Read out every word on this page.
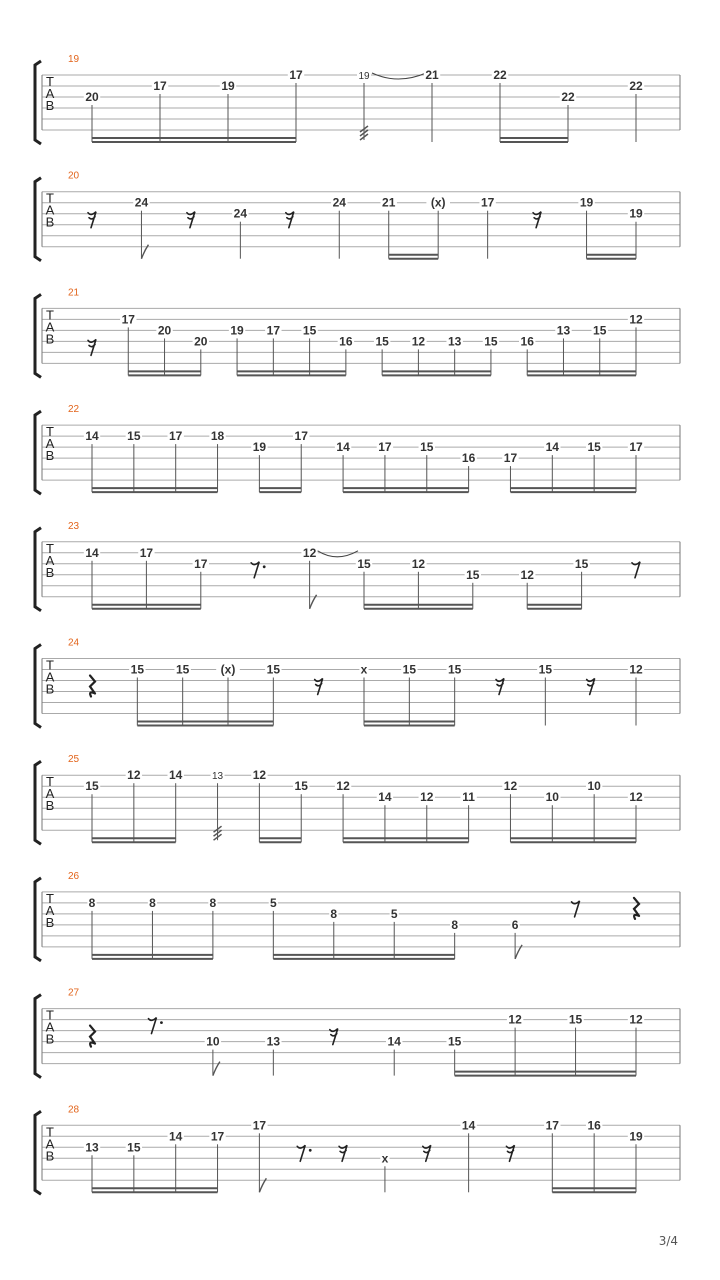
T
A
B
19
20
17	19
17	19	21	22
22
22
T
A
B
20
24
24
24	21	(x)	17	19
19
T
A
B
21
17
20
20
19 17 15
16 15 12 13 15 16
13 15
12
T
A
B
22
14 15 17 18
19
17
14 17 15
16 17
14 15 17
T
A
B
23
14	17
17
12
15	12
15	12
15
T
A
B
24
15	15	(x)	15	x	15	15	15	12
T
A
B
25
15
12 14	13 12
15 12
14 12 11
12
10
10
12
T
A
B
26
8	8	8	5
8	5
8	6
T
A
B
27
10	13	14	15
12	15	12
T
A
B
28
13 15
14 17
17
x
14	17 16
19
3/4
